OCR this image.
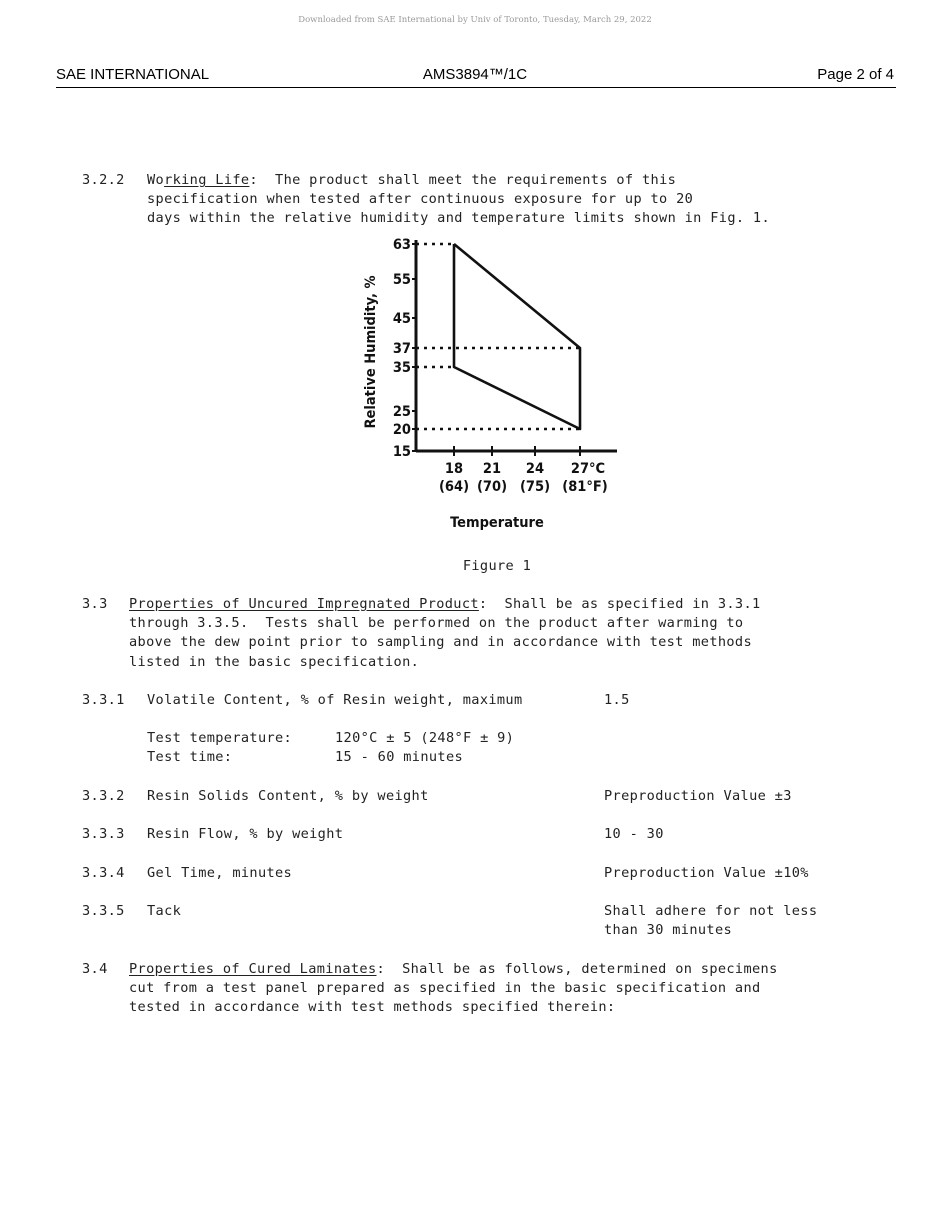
Downloaded from SAE International by Univ of Toronto, Tuesday, March 29, 2022
SAE INTERNATIONAL	AMS3894™/1C	Page 2 of 4
3.2.2 Working Life:  The product shall meet the requirements of this
specification when tested after continuous exposure for up to 20
days within the relative humidity and temperature limits shown in Fig. 1.
63
55
45
37
35
25
20
15
18
(64)
21
(70)
24
(75)
27°C
(81°F)
Relative Humidity, %
Temperature
Figure 1
3.3 Properties of Uncured Impregnated Product:  Shall be as specified in 3.3.1
through 3.3.5.  Tests shall be performed on the product after warming to
above the dew point prior to sampling and in accordance with test methods
listed in the basic specification.
3.3.1 Volatile Content, % of Resin weight, maximum	1.5
Test temperature:	120°C ± 5 (248°F ± 9)
Test time:	15 - 60 minutes
3.3.2 Resin Solids Content, % by weight	Preproduction Value ±3
3.3.3 Resin Flow, % by weight	10 - 30
3.3.4 Gel Time, minutes	Preproduction Value ±10%
3.3.5 Tack	Shall adhere for not less
than 30 minutes
3.4 Properties of Cured Laminates:  Shall be as follows, determined on specimens
cut from a test panel prepared as specified in the basic specification and
tested in accordance with test methods specified therein:
